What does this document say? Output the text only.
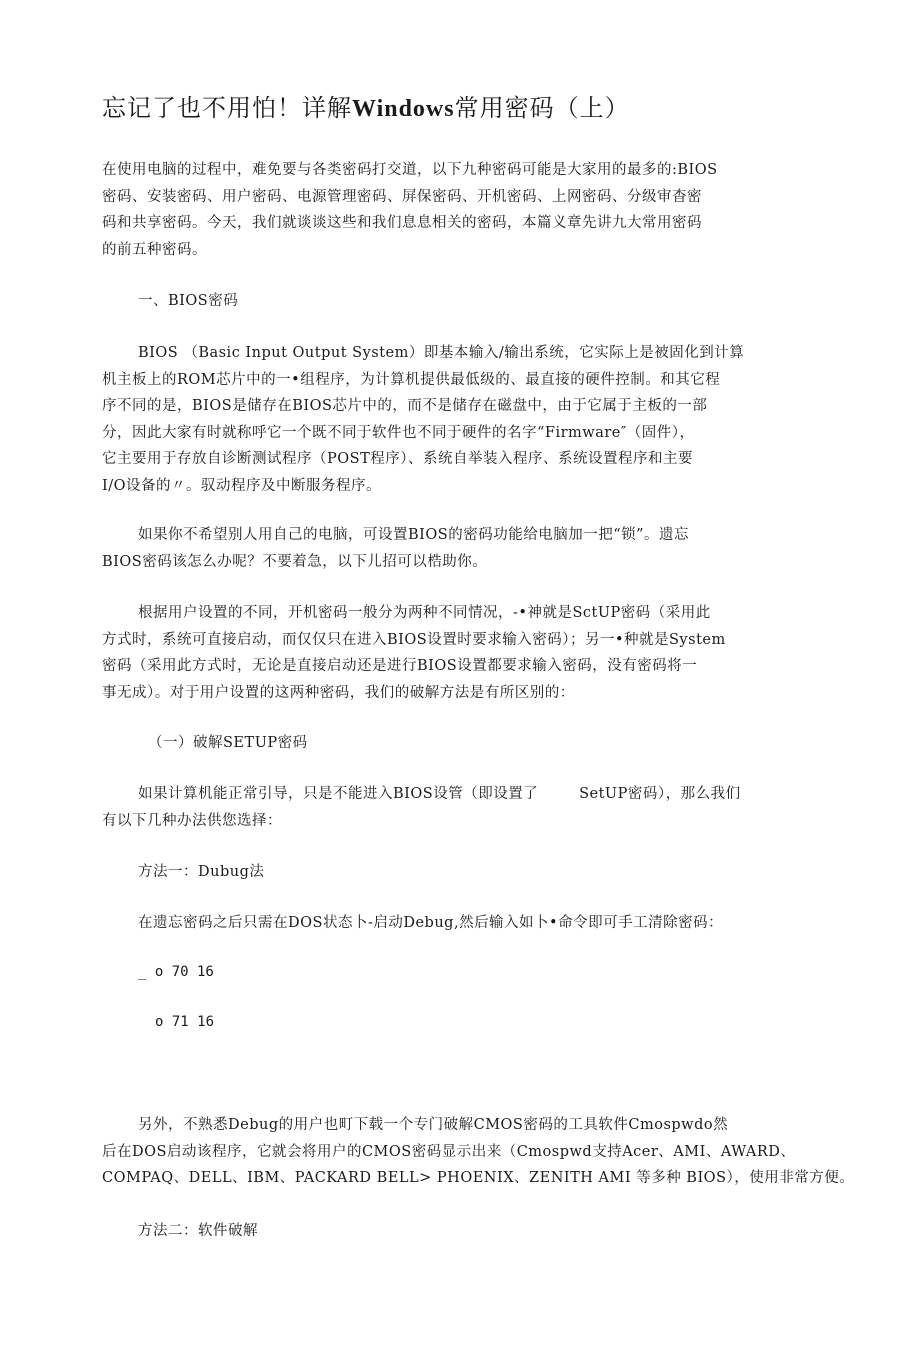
忘记了也不用怕！详解Windows常用密码（上）
在使用电脑的过程中，难免要与各类密码打交道，以下九种密码可能是大家用的最多的:BIOS
密码、安装密码、用户密码、电源管理密码、屏保密码、开机密码、上网密码、分级审杳密
码和共享密码。今天，我们就谈谈这些和我们息息相关的密码，本篇义章先讲九大常用密码
的前五种密码。
一、BIOS密码
BIOS （Basic Input Output System）即基本输入/输出系统，它实际上是被固化到计算
机主板上的ROM芯片中的一•组程序，为计算机提供最低级的、最直接的硬件控制。和其它程
序不同的是，BIOS是储存在BIOS芯片中的，而不是储存在磁盘中，由于它属于主板的一部
分，因此大家有时就称呼它一个既不同于软件也不同于硬件的名字“Firmware″（固件），
它主要用于存放自诊断测试程序（POST程序）、系统自举装入程序、系统设置程序和主要
I/O设备的〃。驭动程序及中断服务程序。
如果你不希望别人用自己的电脑，可设置BIOS的密码功能给电脑加一把“锁”。遗忘
BIOS密码该怎么办呢？不要着急，以下儿招可以梏助你。
根据用户设置的不同，开机密码一般分为两种不同情况，-•神就是SctUP密码（采用此
方式时，系统可直接启动，而仅仅只在进入BIOS设置时要求输入密码）；另一•种就是System
密码（采用此方式时，无论是直接启动还是进行BIOS设置都要求输入密码，没有密码将一
事无成）。对于用户设置的这两种密码，我们的破解方法是有所区别的：
（一）破解SETUP密码
如果计算机能正常引导，只是不能进入BIOS设管（即设置了        SetUP密码），那么我们
有以下几种办法供您选择：
方法一：Dubug法
在遗忘密码之后只需在DOS状态卜-启动Debug,然后输入如卜•命令即可手工清除密码：
_ o 70 16
o 71 16
另外，不熟悉Debug的用户也町下载一个专门破解CMOS密码的工具软件Cmospwdo然
后在DOS启动该程序，它就会将用户的CMOS密码显示出来（Cmospwd支持Acer、AMI、AWARD、
COMPAQ、DELL、IBM、PACKARD BELL> PHOENIX、ZENITH AMI 等多种 BIOS），使用非常方便。
方法二：软件破解
